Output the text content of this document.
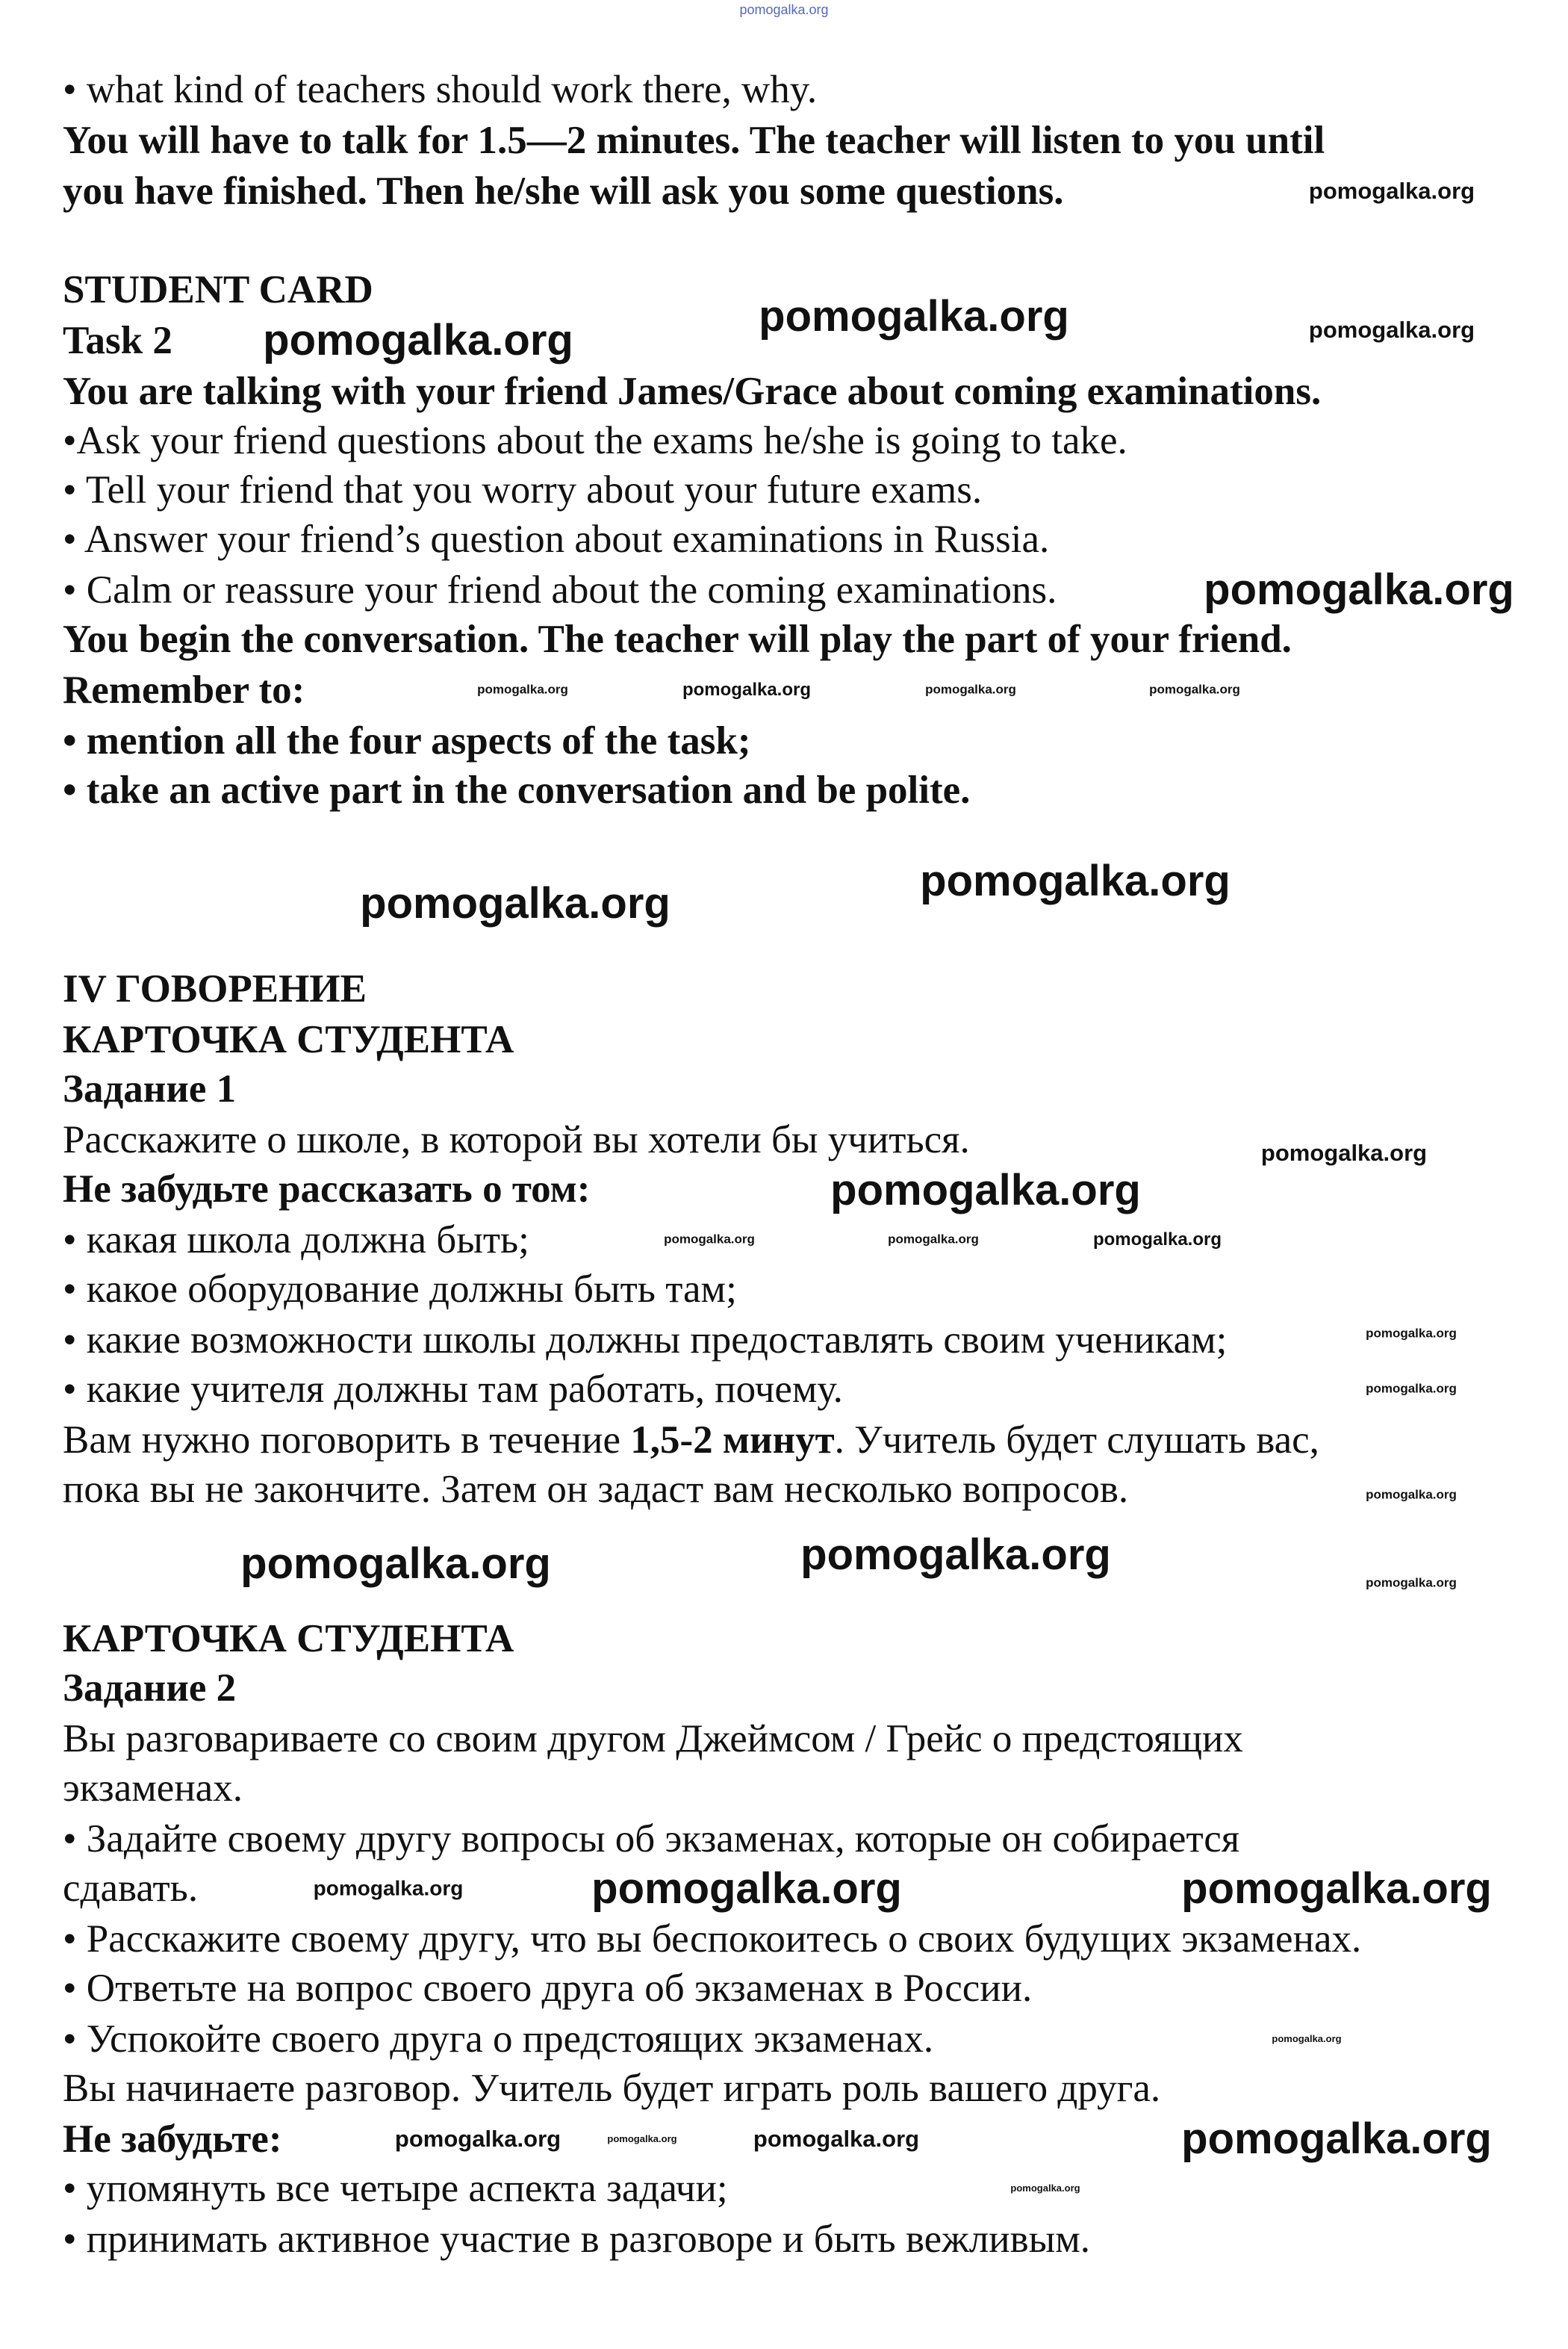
• what kind of teachers should work there, why.
You will have to talk for 1.5—2 minutes. The teacher will listen to you until
you have finished. Then he/she will ask you some questions.
STUDENT CARD
Task 2
You are talking with your friend James/Grace about coming examinations.
•Ask your friend questions about the exams he/she is going to take.
• Tell your friend that you worry about your future exams.
• Answer your friend’s question about examinations in Russia.
• Calm or reassure your friend about the coming examinations.
You begin the conversation. The teacher will play the part of your friend.
Remember to:
• mention all the four aspects of the task;
• take an active part in the conversation and be polite.
IV ГОВОРЕНИЕ
КАРТОЧКА СТУДЕНТА
Задание 1
Расскажите о школе, в которой вы хотели бы учиться.
Не забудьте рассказать о том:
• какая школа должна быть;
• какое оборудование должны быть там;
• какие возможности школы должны предоставлять своим ученикам;
• какие учителя должны там работать, почему.
Вам нужно поговорить в течение 1,5-2 минут. Учитель будет слушать вас,
пока вы не закончите. Затем он задаст вам несколько вопросов.
КАРТОЧКА СТУДЕНТА
Задание 2
Вы разговариваете со своим другом Джеймсом / Грейс о предстоящих
экзаменах.
• Задайте своему другу вопросы об экзаменах, которые он собирается
сдавать.
• Расскажите своему другу, что вы беспокоитесь о своих будущих экзаменах.
• Ответьте на вопрос своего друга об экзаменах в России.
• Успокойте своего друга о предстоящих экзаменах.
Вы начинаете разговор. Учитель будет играть роль вашего друга.
Не забудьте:
• упомянуть все четыре аспекта задачи;
• принимать активное участие в разговоре и быть вежливым.
pomogalka.org
pomogalka.org
pomogalka.org
pomogalka.org
pomogalka.org	pomogalka.org
pomogalka.org
pomogalka.org
pomogalka.org
pomogalka.org	pomogalka.org
pomogalka.org
pomogalka.org
pomogalka.org
pomogalka.org
pomogalka.org	pomogalka.org
pomogalka.org
pomogalka.org	pomogalka.org	pomogalka.org	pomogalka.org
pomogalka.org	pomogalka.org	pomogalka.org
pomogalka.org
pomogalka.org
pomogalka.org
pomogalka.org
pomogalka.org
pomogalka.org
pomogalka.org
